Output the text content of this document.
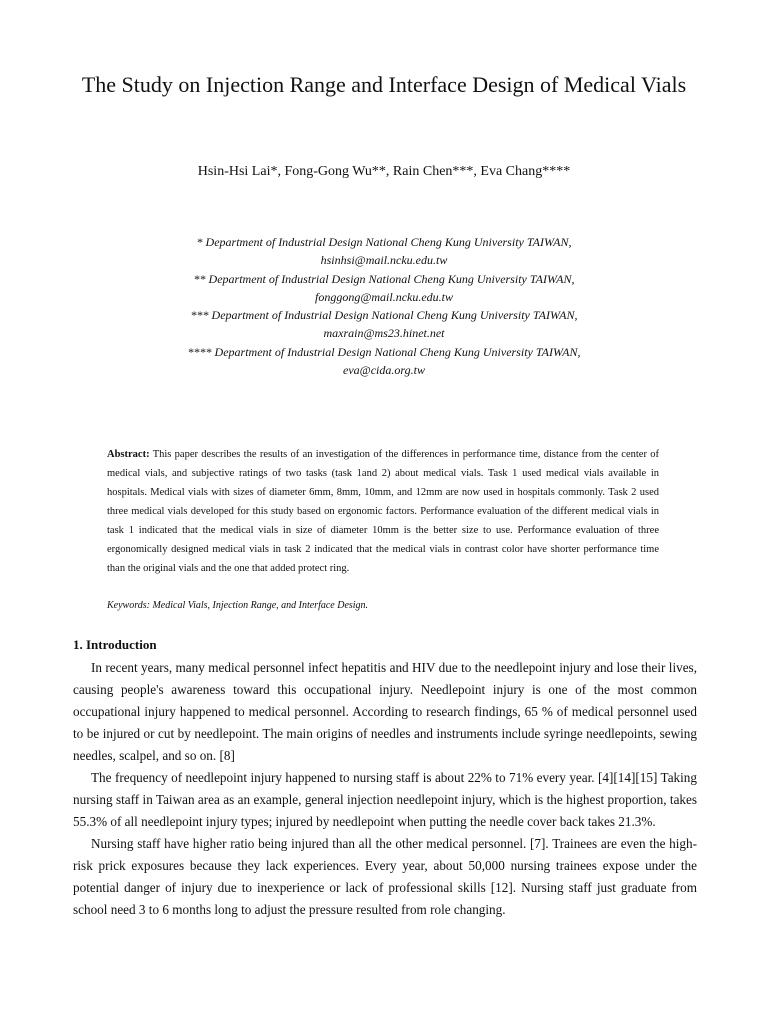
The Study on Injection Range and Interface Design of Medical Vials
Hsin-Hsi Lai*, Fong-Gong Wu**, Rain Chen***, Eva Chang****
* Department of Industrial Design National Cheng Kung University TAIWAN,
hsinhsi@mail.ncku.edu.tw
** Department of Industrial Design National Cheng Kung University TAIWAN,
fonggong@mail.ncku.edu.tw
*** Department of Industrial Design National Cheng Kung University TAIWAN,
maxrain@ms23.hinet.net
**** Department of Industrial Design National Cheng Kung University TAIWAN,
eva@cida.org.tw

Abstract: This paper describes the results of an investigation of the differences in performance time, distance from the center of medical vials, and subjective ratings of two tasks (task 1and 2) about medical vials. Task 1 used medical vials available in hospitals. Medical vials with sizes of diameter 6mm, 8mm, 10mm, and 12mm are now used in hospitals commonly. Task 2 used three medical vials developed for this study based on ergonomic factors. Performance evaluation of the different medical vials in task 1 indicated that the medical vials in size of diameter 10mm is the better size to use. Performance evaluation of three ergonomically designed medical vials in task 2 indicated that the medical vials in contrast color have shorter performance time than the original vials and the one that added protect ring.

Keywords: Medical Vials, Injection Range, and Interface Design.
1. Introduction

In recent years, many medical personnel infect hepatitis and HIV due to the needlepoint injury and lose their lives, causing people's awareness toward this occupational injury. Needlepoint injury is one of the most common occupational injury happened to medical personnel. According to research findings, 65 % of medical personnel used to be injured or cut by needlepoint. The main origins of needles and instruments include syringe needlepoints, sewing needles, scalpel, and so on. [8]

The frequency of needlepoint injury happened to nursing staff is about 22% to 71% every year. [4][14][15] Taking nursing staff in Taiwan area as an example, general injection needlepoint injury, which is the highest proportion, takes 55.3% of all needlepoint injury types; injured by needlepoint when putting the needle cover back takes 21.3%.

Nursing staff have higher ratio being injured than all the other medical personnel. [7]. Trainees are even the high-risk prick exposures because they lack experiences. Every year, about 50,000 nursing trainees expose under the potential danger of injury due to inexperience or lack of professional skills [12]. Nursing staff just graduate from school need 3 to 6 months long to adjust the pressure resulted from role changing.
